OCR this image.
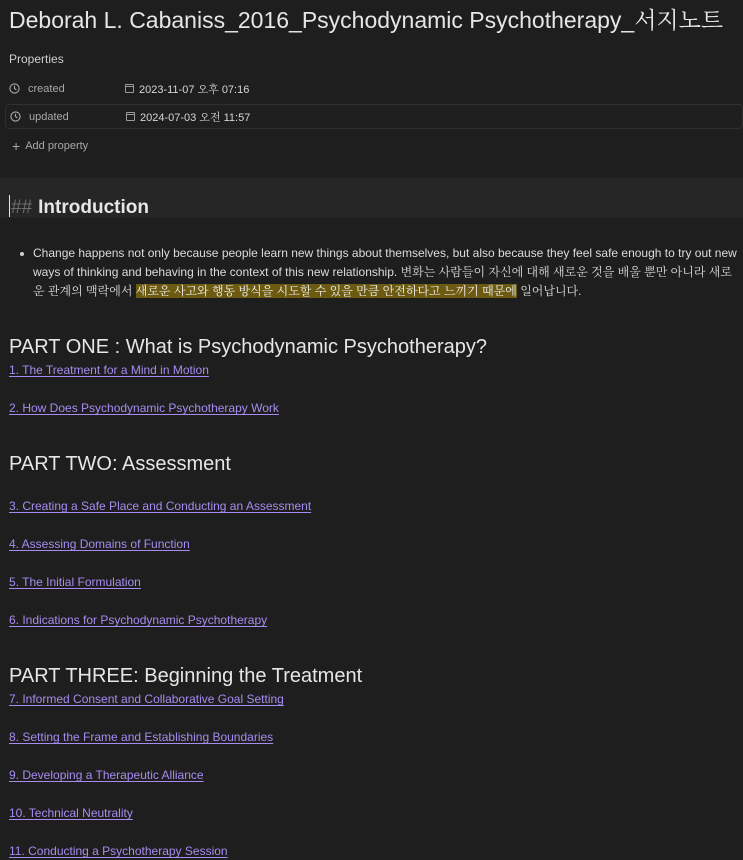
Deborah L. Cabaniss_2016_Psychodynamic Psychotherapy_서지노트
Properties
created	2023-11-07 오후 07:16
updated	2024-07-03 오전 11:57
+ Add property
## Introduction
Change happens not only because people learn new things about themselves, but also because they feel safe enough to try out new ways of thinking and behaving in the context of this new relationship. 변화는 사람들이 자신에 대해 새로운 것을 배울 뿐만 아니라 새로운 관계의 맥락에서 새로운 사고와 행동 방식을 시도할 수 있을 만큼 안전하다고 느끼기 때문에 일어납니다.
PART ONE : What is Psychodynamic Psychotherapy?
1. The Treatment for a Mind in Motion
2. How Does Psychodynamic Psychotherapy Work
PART TWO: Assessment
3. Creating a Safe Place and Conducting an Assessment
4. Assessing Domains of Function
5. The Initial Formulation
6. Indications for Psychodynamic Psychotherapy
PART THREE: Beginning the Treatment
7. Informed Consent and Collaborative Goal Setting
8. Setting the Frame and Establishing Boundaries
9. Developing a Therapeutic Alliance
10. Technical Neutrality
11. Conducting a Psychotherapy Session
